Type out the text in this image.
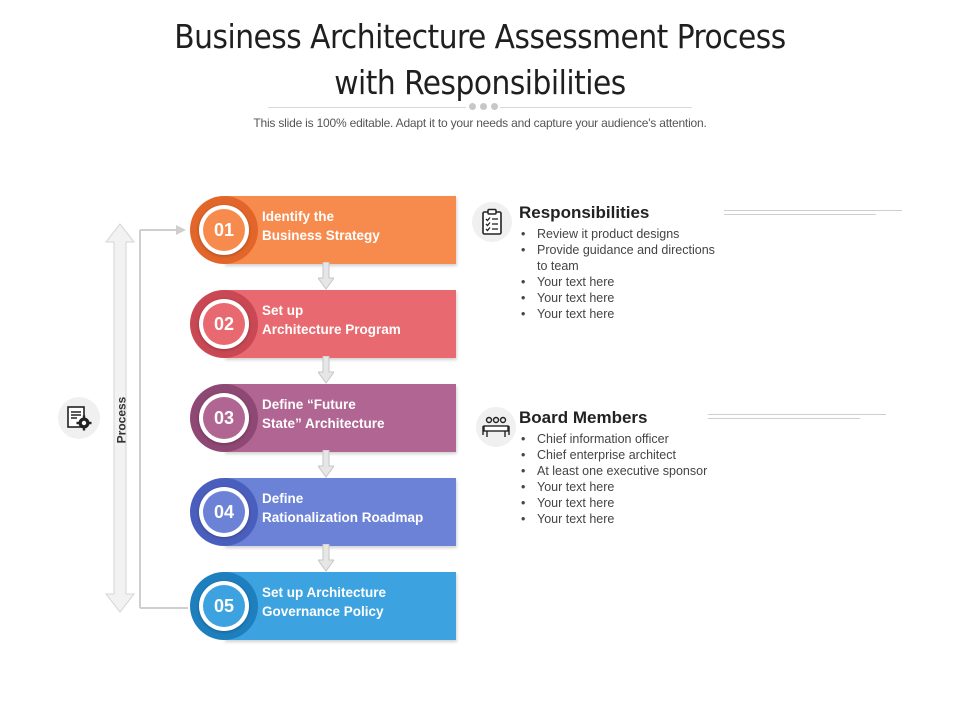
Business Architecture Assessment Process
with Responsibilities
This slide is 100% editable. Adapt it to your needs and capture your audience's attention.
Process
01
Identify the
Business Strategy
02
Set up
Architecture Program
03
Define “Future
State” Architecture
04
Define
Rationalization Roadmap
05
Set up Architecture
Governance Policy
Responsibilities
• Review it product designs
• Provide guidance and directions to team
• Your text here
• Your text here
• Your text here
Board Members
• Chief information officer
• Chief enterprise architect
• At least one executive sponsor
• Your text here
• Your text here
• Your text here
